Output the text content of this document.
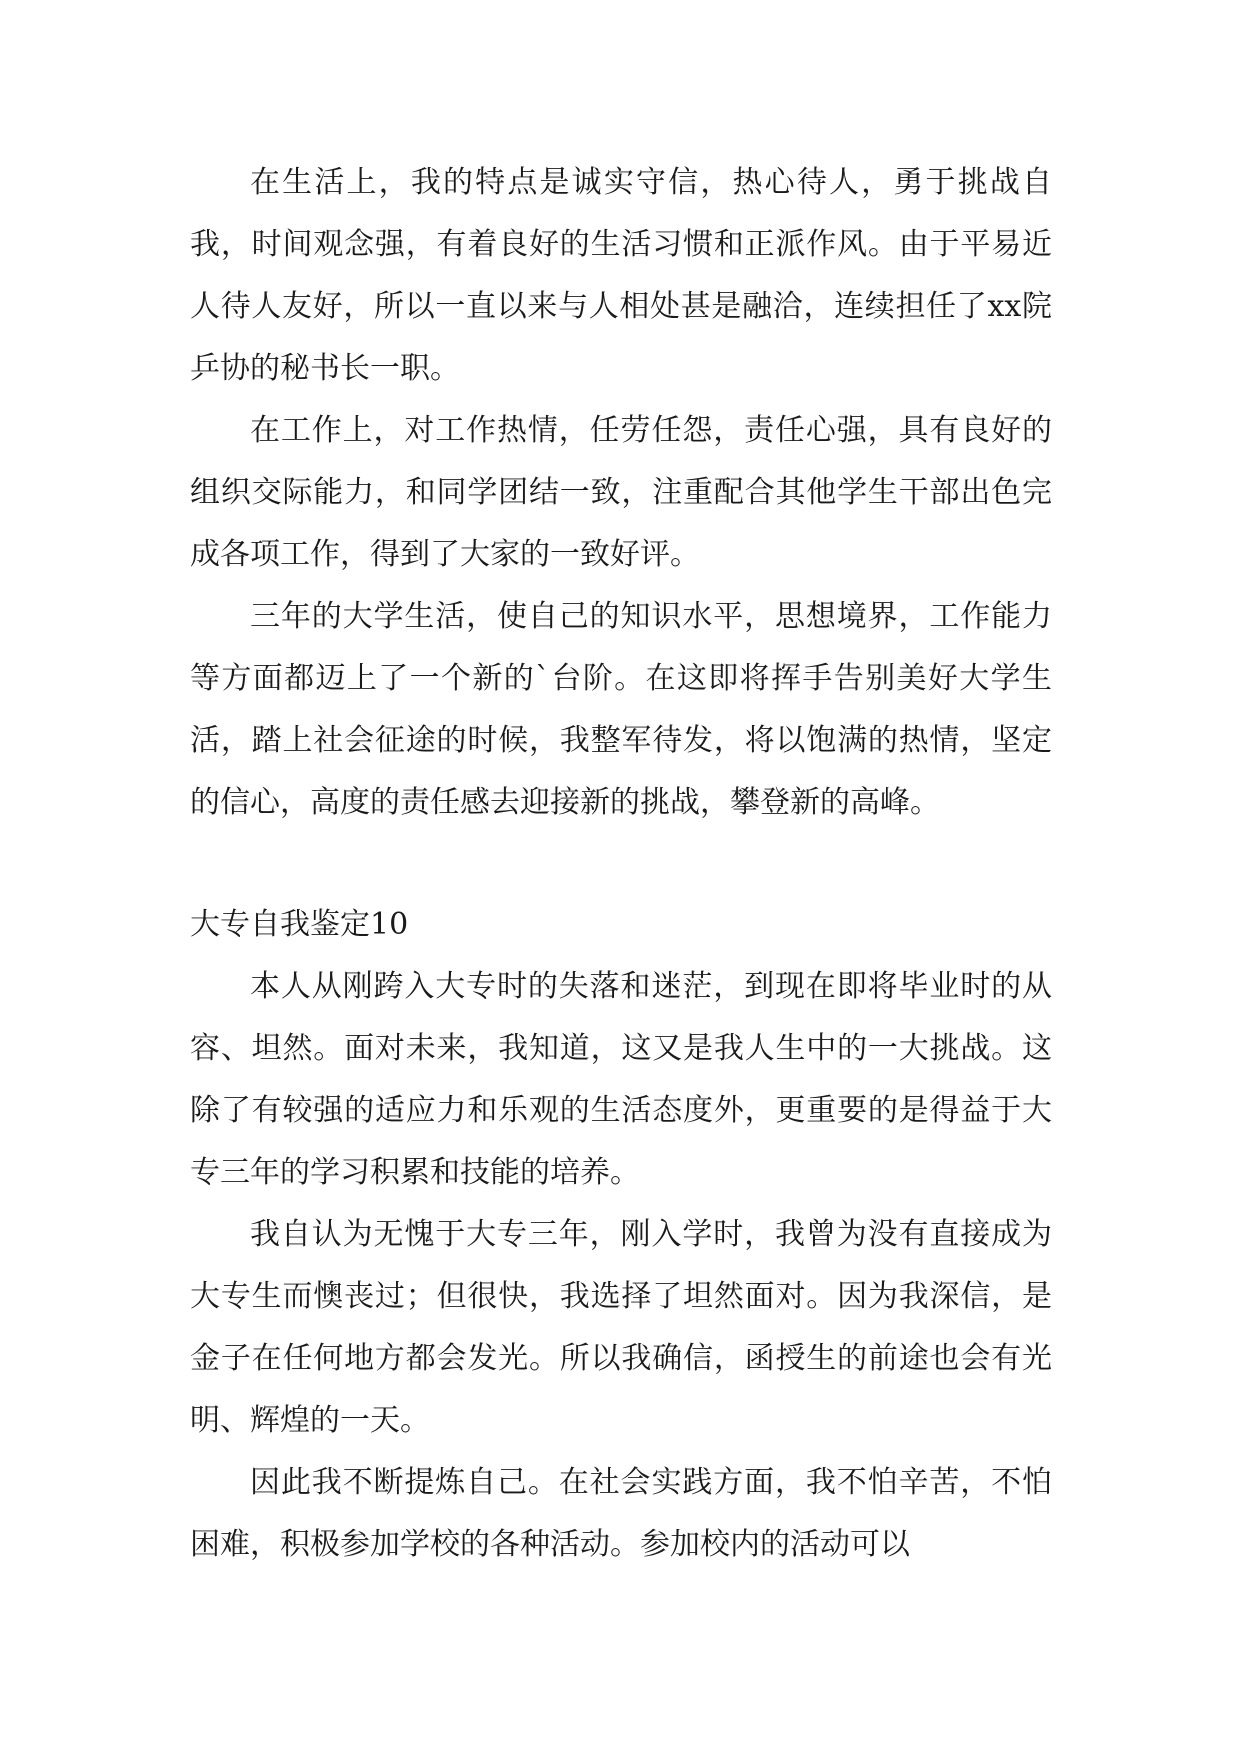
在生活上，我的特点是诚实守信，热心待人，勇于挑战自我，时间观念强，有着良好的生活习惯和正派作风。由于平易近人待人友好，所以一直以来与人相处甚是融洽，连续担任了xx院乒协的秘书长一职。

在工作上，对工作热情，任劳任怨，责任心强，具有良好的组织交际能力，和同学团结一致，注重配合其他学生干部出色完成各项工作，得到了大家的一致好评。

三年的大学生活，使自己的知识水平，思想境界，工作能力等方面都迈上了一个新的`台阶。在这即将挥手告别美好大学生活，踏上社会征途的时候，我整军待发，将以饱满的热情，坚定的信心，高度的责任感去迎接新的挑战，攀登新的高峰。

大专自我鉴定10

本人从刚跨入大专时的失落和迷茫，到现在即将毕业时的从容、坦然。面对未来，我知道，这又是我人生中的一大挑战。这除了有较强的适应力和乐观的生活态度外，更重要的是得益于大专三年的学习积累和技能的培养。

我自认为无愧于大专三年，刚入学时，我曾为没有直接成为大专生而懊丧过；但很快，我选择了坦然面对。因为我深信，是金子在任何地方都会发光。所以我确信，函授生的前途也会有光明、辉煌的一天。

因此我不断提炼自己。在社会实践方面，我不怕辛苦，不怕困难，积极参加学校的各种活动。参加校内的活动可以
